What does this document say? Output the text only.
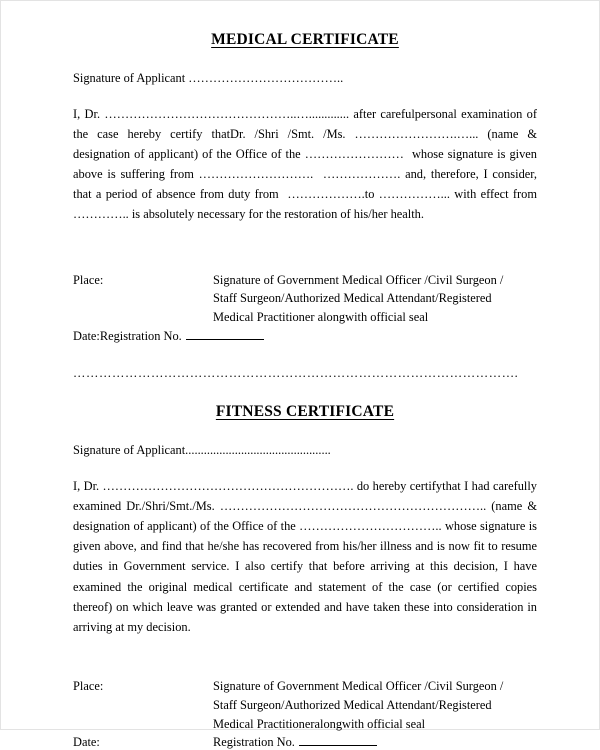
MEDICAL CERTIFICATE
Signature of Applicant ………………………………..
I, Dr. ………………………………………..…............. after carefulpersonal examination of the case hereby certify thatDr. /Shri /Smt. /Ms. …………………….…... (name & designation of applicant) of the Office of the ……………………  whose signature is given above is suffering from ……………………….  ………………. and, therefore, I consider, that a period of absence from duty from  ……………….to ……………... with effect from ………….. is absolutely necessary for the restoration of his/her health.
Place:	Signature of Government Medical Officer /Civil Surgeon /
Staff Surgeon/Authorized Medical Attendant/Registered
Medical Practitioner alongwith official seal
Date:Registration No.
………………………………………………………………………………………….
FITNESS CERTIFICATE
Signature of Applicant...............................................
I, Dr. ……………………………………………………. do hereby certifythat I had carefully examined Dr./Shri/Smt./Ms. ……………………………………………………….. (name & designation of applicant) of the Office of the …………………………….. whose signature is given above, and find that he/she has recovered from his/her illness and is now fit to resume duties in Government service. I also certify that before arriving at this decision, I have examined the original medical certificate and statement of the case (or certified copies thereof) on which leave was granted or extended and have taken these into consideration in arriving at my decision.
Place:	Signature of Government Medical Officer /Civil Surgeon /
Staff Surgeon/Authorized Medical Attendant/Registered
Medical Practitioneralongwith official seal
Date:	Registration No.
